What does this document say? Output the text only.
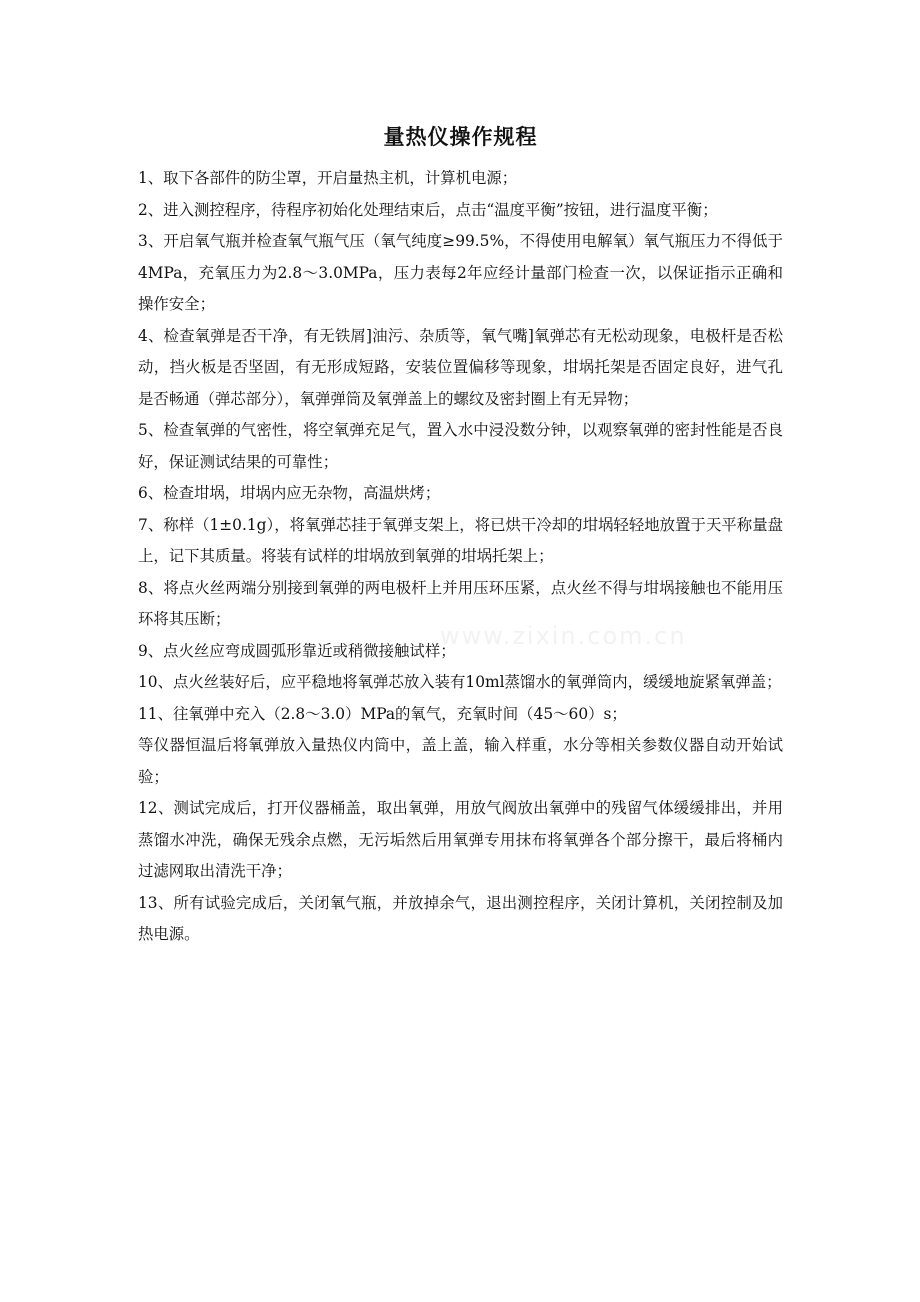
量热仪操作规程

1、取下各部件的防尘罩，开启量热主机，计算机电源；

2、进入测控程序，待程序初始化处理结束后，点击“温度平衡”按钮，进行温度平衡；

3、开启氧气瓶并检查氧气瓶气压（氧气纯度≥99.5%，不得使用电解氧）氧气瓶压力不得低于4MPa，充氧压力为2.8～3.0MPa，压力表每2年应经计量部门检查一次，以保证指示正确和操作安全；

4、检查氧弹是否干净，有无铁屑]油污、杂质等，氧气嘴]氧弹芯有无松动现象，电极杆是否松动，挡火板是否坚固，有无形成短路，安装位置偏移等现象，坩埚托架是否固定良好，进气孔是否畅通（弹芯部分），氧弹弹筒及氧弹盖上的螺纹及密封圈上有无异物；

5、检查氧弹的气密性，将空氧弹充足气，置入水中浸没数分钟，以观察氧弹的密封性能是否良好，保证测试结果的可靠性；

6、检查坩埚，坩埚内应无杂物，高温烘烤；

7、称样（1±0.1g），将氧弹芯挂于氧弹支架上，将已烘干冷却的坩埚轻轻地放置于天平称量盘上，记下其质量。将装有试样的坩埚放到氧弹的坩埚托架上；

8、将点火丝两端分别接到氧弹的两电极杆上并用压环压紧，点火丝不得与坩埚接触也不能用压环将其压断；

9、点火丝应弯成圆弧形靠近或稍微接触试样；

10、点火丝装好后，应平稳地将氧弹芯放入装有10ml蒸馏水的氧弹筒内，缓缓地旋紧氧弹盖；

11、往氧弹中充入（2.8～3.0）MPa的氧气，充氧时间（45～60）s；

等仪器恒温后将氧弹放入量热仪内筒中，盖上盖，输入样重，水分等相关参数仪器自动开始试验；

12、测试完成后，打开仪器桶盖，取出氧弹，用放气阀放出氧弹中的残留气体缓缓排出，并用蒸馏水冲洗，确保无残余点燃，无污垢然后用氧弹专用抹布将氧弹各个部分擦干，最后将桶内过滤网取出清洗干净；

13、所有试验完成后，关闭氧气瓶，并放掉余气，退出测控程序，关闭计算机，关闭控制及加热电源。

www.zixin.com.cn
